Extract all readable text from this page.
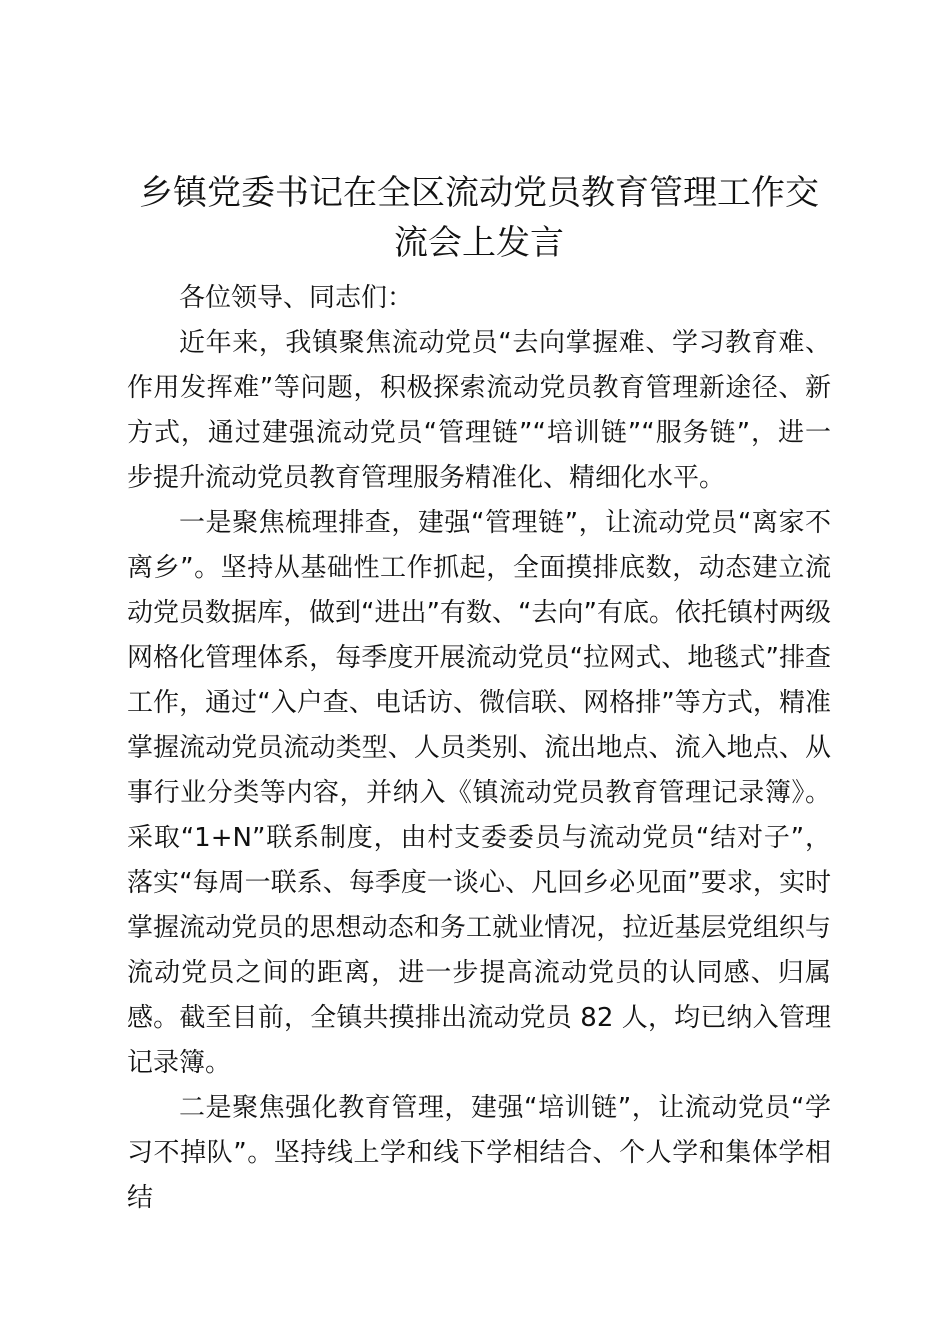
乡镇党委书记在全区流动党员教育管理工作交流会上发言

各位领导、同志们：

近年来，我镇聚焦流动党员“去向掌握难、学习教育难、作用发挥难”等问题，积极探索流动党员教育管理新途径、新方式，通过建强流动党员“管理链”“培训链”“服务链”，进一步提升流动党员教育管理服务精准化、精细化水平。

一是聚焦梳理排查，建强“管理链”，让流动党员“离家不离乡”。坚持从基础性工作抓起，全面摸排底数，动态建立流动党员数据库，做到“进出”有数、“去向”有底。依托镇村两级网格化管理体系，每季度开展流动党员“拉网式、地毯式”排查工作，通过“入户查、电话访、微信联、网格排”等方式，精准掌握流动党员流动类型、人员类别、流出地点、流入地点、从事行业分类等内容，并纳入《镇流动党员教育管理记录簿》。采取“1+N”联系制度，由村支委委员与流动党员“结对子”，落实“每周一联系、每季度一谈心、凡回乡必见面”要求，实时掌握流动党员的思想动态和务工就业情况，拉近基层党组织与流动党员之间的距离，进一步提高流动党员的认同感、归属感。截至目前，全镇共摸排出流动党员 82 人，均已纳入管理记录簿。

二是聚焦强化教育管理，建强“培训链”，让流动党员“学习不掉队”。坚持线上学和线下学相结合、个人学和集体学相结
